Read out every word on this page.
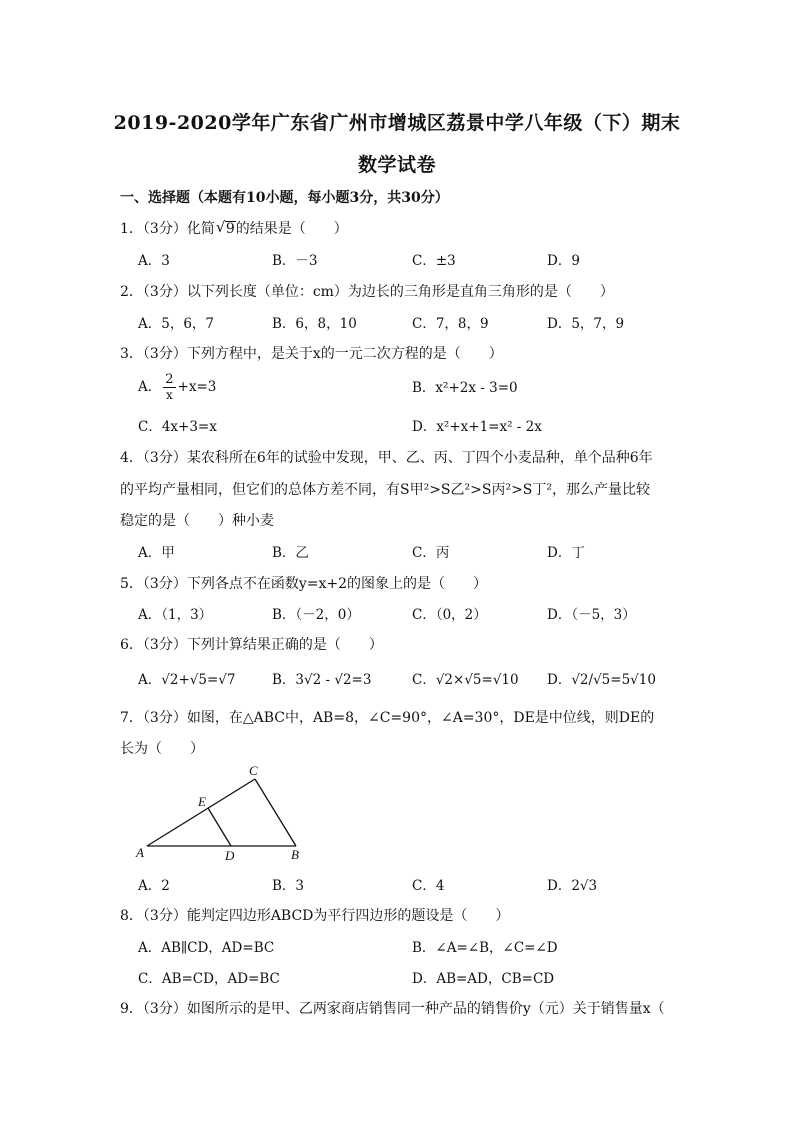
2019-2020学年广东省广州市增城区荔景中学八年级（下）期末
数学试卷
一、选择题（本题有10小题，每小题3分，共30分）
1．（3分）化简 √ 9的结果是（　　）
A．3	B．－3	C．±3	D．9
2．（3分）以下列长度（单位：cm）为边长的三角形是直角三角形的是（　　）
A．5，6，7	B．6，8，10	C．7，8，9	D．5，7，9
3．（3分）下列方程中，是关于x的一元二次方程的是（　　）
A． $\frac{2}{x} +x=3$	B．x²+2x - 3=0
C．4x+3=x	D．x²+x+1=x² - 2x
4．（3分）某农科所在6年的试验中发现，甲、乙、丙、丁四个小麦品种，单个品种6年
的平均产量相同，但它们的总体方差不同，有S甲²>S乙²>S丙²>S丁²，那么产量比较
稳定的是（　　）种小麦
A．甲	B．乙	C．丙	D．丁
5．（3分）下列各点不在函数y=x+2的图象上的是（　　）
A．（1，3）	B．（－2，0）	C．（0，2）	D．（－5，3）
6．（3分）下列计算结果正确的是（　　）
A．√2+√5=√7	B．3√2 - √2=3	C．√2×√5=√10 D．√2/√5=5√10
7．（3分）如图，在△ABC中，AB=8，∠C=90°，∠A=30°，DE是中位线，则DE的
长为（　　）
A	B
C
D
E
A．2	B．3	C．4	D．2√3
8．（3分）能判定四边形ABCD为平行四边形的题设是（　　）
A．AB∥CD，AD=BC	B．∠A=∠B，∠C=∠D
C．AB=CD，AD=BC	D．AB=AD，CB=CD
9．（3分）如图所示的是甲、乙两家商店销售同一种产品的销售价y（元）关于销售量x（
